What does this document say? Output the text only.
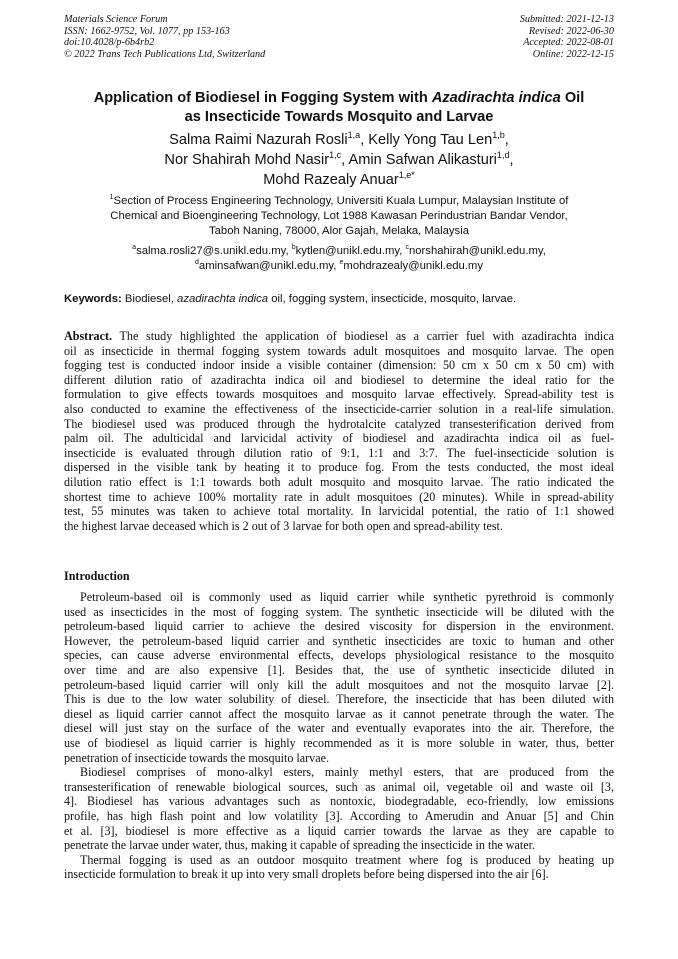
Materials Science Forum
ISSN: 1662-9752, Vol. 1077, pp 153-163
doi:10.4028/p-6b4rb2
© 2022 Trans Tech Publications Ltd, Switzerland
Submitted: 2021-12-13
Revised: 2022-06-30
Accepted: 2022-08-01
Online: 2022-12-15
Application of Biodiesel in Fogging System with Azadirachta indica Oil
as Insecticide Towards Mosquito and Larvae
Salma Raimi Nazurah Rosli$^{1,a}$, Kelly Yong Tau Len$^{1,b}$,
Nor Shahirah Mohd Nasir$^{1,c}$, Amin Safwan Alikasturi$^{1,d}$,
Mohd Razealy Anuar$^{1,e*}$
$^1$Section of Process Engineering Technology, Universiti Kuala Lumpur, Malaysian Institute of
Chemical and Bioengineering Technology, Lot 1988 Kawasan Perindustrian Bandar Vendor,
Taboh Naning, 78000, Alor Gajah, Melaka, Malaysia
$^a$salma.rosli27@s.unikl.edu.my, $^b$kytlen@unikl.edu.my, $^c$norshahirah@unikl.edu.my,
$^d$aminsafwan@unikl.edu.my, $^e$mohdrazealy@unikl.edu.my
Keywords: Biodiesel, azadirachta indica oil, fogging system, insecticide, mosquito, larvae.
Abstract. The study highlighted the application of biodiesel as a carrier fuel with azadirachta indica
oil as insecticide in thermal fogging system towards adult mosquitoes and mosquito larvae. The open
fogging test is conducted indoor inside a visible container (dimension: 50 cm x 50 cm x 50 cm) with
different dilution ratio of azadirachta indica oil and biodiesel to determine the ideal ratio for the
formulation to give effects towards mosquitoes and mosquito larvae effectively. Spread-ability test is
also conducted to examine the effectiveness of the insecticide-carrier solution in a real-life simulation.
The biodiesel used was produced through the hydrotalcite catalyzed transesterification derived from
palm oil. The adulticidal and larvicidal activity of biodiesel and azadirachta indica oil as fuel-
insecticide is evaluated through dilution ratio of 9:1, 1:1 and 3:7. The fuel-insecticide solution is
dispersed in the visible tank by heating it to produce fog. From the tests conducted, the most ideal
dilution ratio effect is 1:1 towards both adult mosquito and mosquito larvae. The ratio indicated the
shortest time to achieve 100% mortality rate in adult mosquitoes (20 minutes). While in spread-ability
test, 55 minutes was taken to achieve total mortality. In larvicidal potential, the ratio of 1:1 showed
the highest larvae deceased which is 2 out of 3 larvae for both open and spread-ability test.
Introduction
Petroleum-based oil is commonly used as liquid carrier while synthetic pyrethroid is commonly
used as insecticides in the most of fogging system. The synthetic insecticide will be diluted with the
petroleum-based liquid carrier to achieve the desired viscosity for dispersion in the environment.
However, the petroleum-based liquid carrier and synthetic insecticides are toxic to human and other
species, can cause adverse environmental effects, develops physiological resistance to the mosquito
over time and are also expensive [1]. Besides that, the use of synthetic insecticide diluted in
petroleum-based liquid carrier will only kill the adult mosquitoes and not the mosquito larvae [2].
This is due to the low water solubility of diesel. Therefore, the insecticide that has been diluted with
diesel as liquid carrier cannot affect the mosquito larvae as it cannot penetrate through the water. The
diesel will just stay on the surface of the water and eventually evaporates into the air. Therefore, the
use of biodiesel as liquid carrier is highly recommended as it is more soluble in water, thus, better
penetration of insecticide towards the mosquito larvae.
Biodiesel comprises of mono-alkyl esters, mainly methyl esters, that are produced from the
transesterification of renewable biological sources, such as animal oil, vegetable oil and waste oil [3,
4]. Biodiesel has various advantages such as nontoxic, biodegradable, eco-friendly, low emissions
profile, has high flash point and low volatility [3]. According to Amerudin and Anuar [5] and Chin
et al. [3], biodiesel is more effective as a liquid carrier towards the larvae as they are capable to
penetrate the larvae under water, thus, making it capable of spreading the insecticide in the water.
Thermal fogging is used as an outdoor mosquito treatment where fog is produced by heating up
insecticide formulation to break it up into very small droplets before being dispersed into the air [6].
